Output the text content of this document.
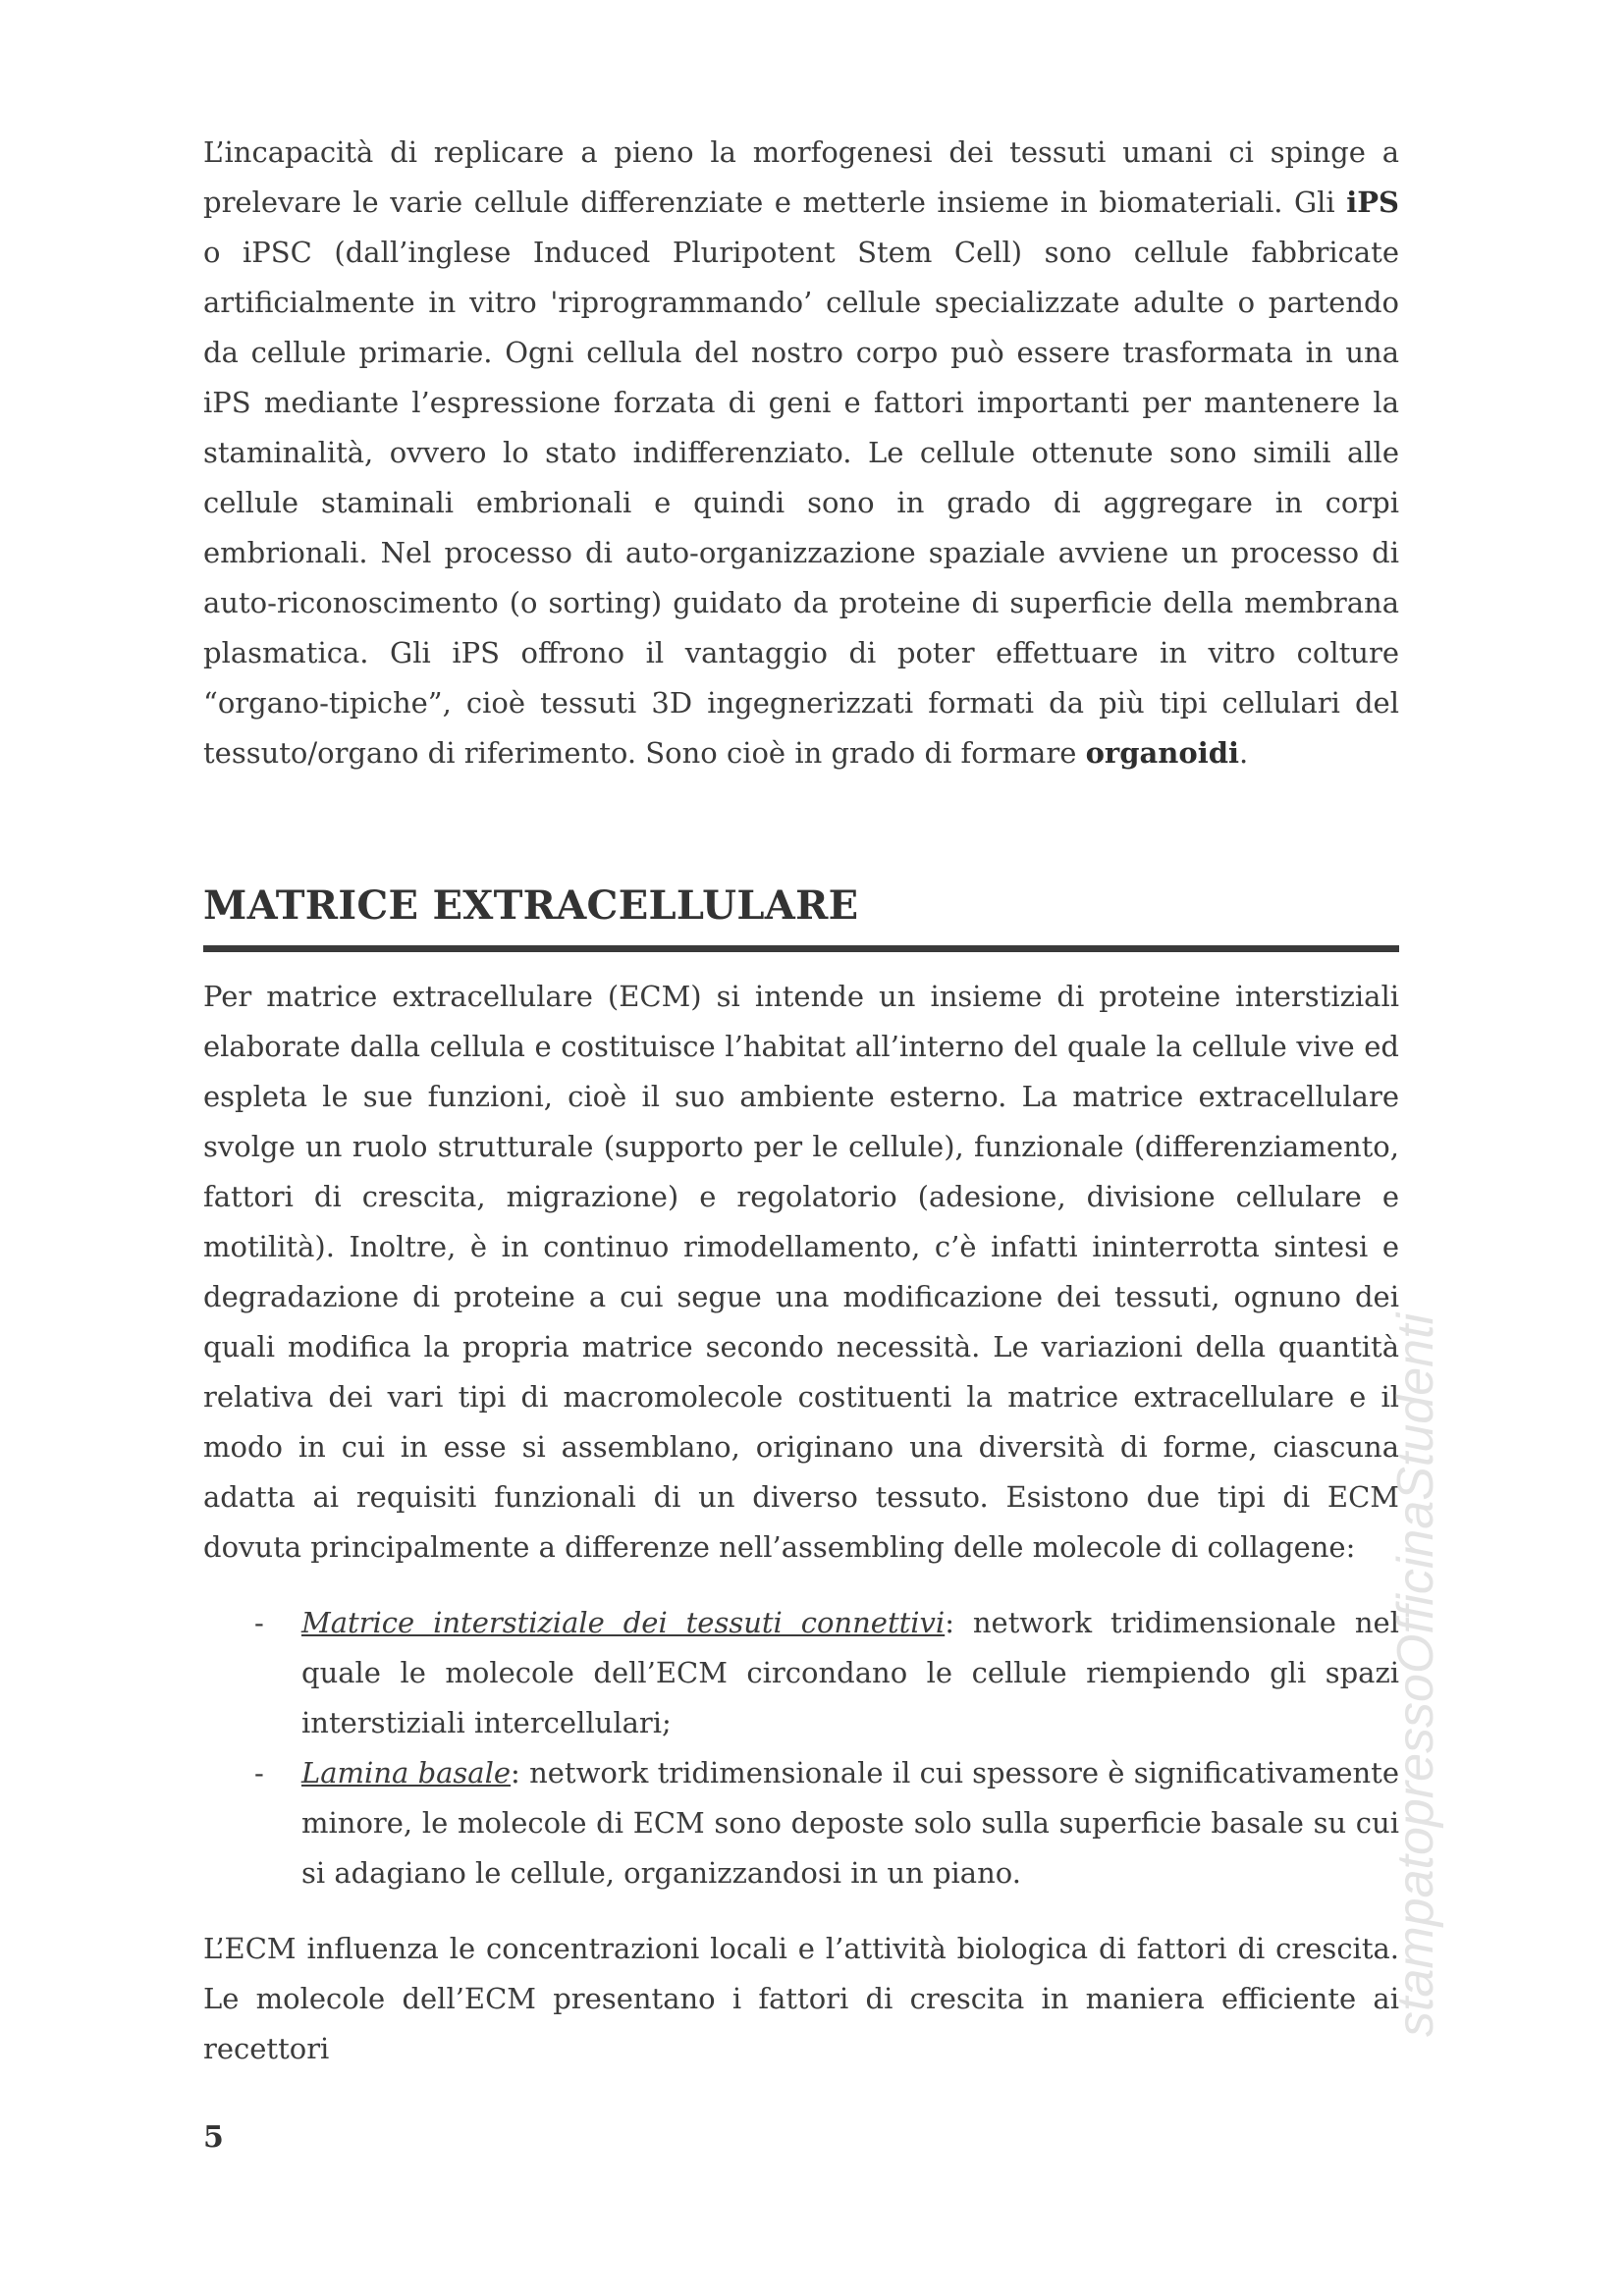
L’incapacità di replicare a pieno la morfogenesi dei tessuti umani ci spinge a prelevare le varie cellule differenziate e metterle insieme in biomateriali. Gli iPS o iPSC (dall’inglese Induced Pluripotent Stem Cell) sono cellule fabbricate artificialmente in vitro 'riprogrammando’ cellule specializzate adulte o partendo da cellule primarie. Ogni cellula del nostro corpo può essere trasformata in una iPS mediante l’espressione forzata di geni e fattori importanti per mantenere la staminalità, ovvero lo stato indifferenziato. Le cellule ottenute sono simili alle cellule staminali embrionali e quindi sono in grado di aggregare in corpi embrionali. Nel processo di auto-organizzazione spaziale avviene un processo di auto-riconoscimento (o sorting) guidato da proteine di superficie della membrana plasmatica. Gli iPS offrono il vantaggio di poter effettuare in vitro colture “organo-tipiche”, cioè tessuti 3D ingegnerizzati formati da più tipi cellulari del tessuto/organo di riferimento. Sono cioè in grado di formare organoidi.

MATRICE EXTRACELLULARE

Per matrice extracellulare (ECM) si intende un insieme di proteine interstiziali elaborate dalla cellula e costituisce l’habitat all’interno del quale la cellule vive ed espleta le sue funzioni, cioè il suo ambiente esterno. La matrice extracellulare svolge un ruolo strutturale (supporto per le cellule), funzionale (differenziamento, fattori di crescita, migrazione) e regolatorio (adesione, divisione cellulare e motilità). Inoltre, è in continuo rimodellamento, c’è infatti ininterrotta sintesi e degradazione di proteine a cui segue una modificazione dei tessuti, ognuno dei quali modifica la propria matrice secondo necessità. Le variazioni della quantità relativa dei vari tipi di macromolecole costituenti la matrice extracellulare e il modo in cui in esse si assemblano, originano una diversità di forme, ciascuna adatta ai requisiti funzionali di un diverso tessuto. Esistono due tipi di ECM dovuta principalmente a differenze nell’assembling delle molecole di collagene:

- Matrice interstiziale dei tessuti connettivi: network tridimensionale nel quale le molecole dell’ECM circondano le cellule riempiendo gli spazi interstiziali intercellulari;
- Lamina basale: network tridimensionale il cui spessore è significativamente minore, le molecole di ECM sono deposte solo sulla superficie basale su cui si adagiano le cellule, organizzandosi in un piano.

L’ECM influenza le concentrazioni locali e l’attività biologica di fattori di crescita. Le molecole dell’ECM presentano i fattori di crescita in maniera efficiente ai recettori

5
stampatopressoOfficinaStudenti
